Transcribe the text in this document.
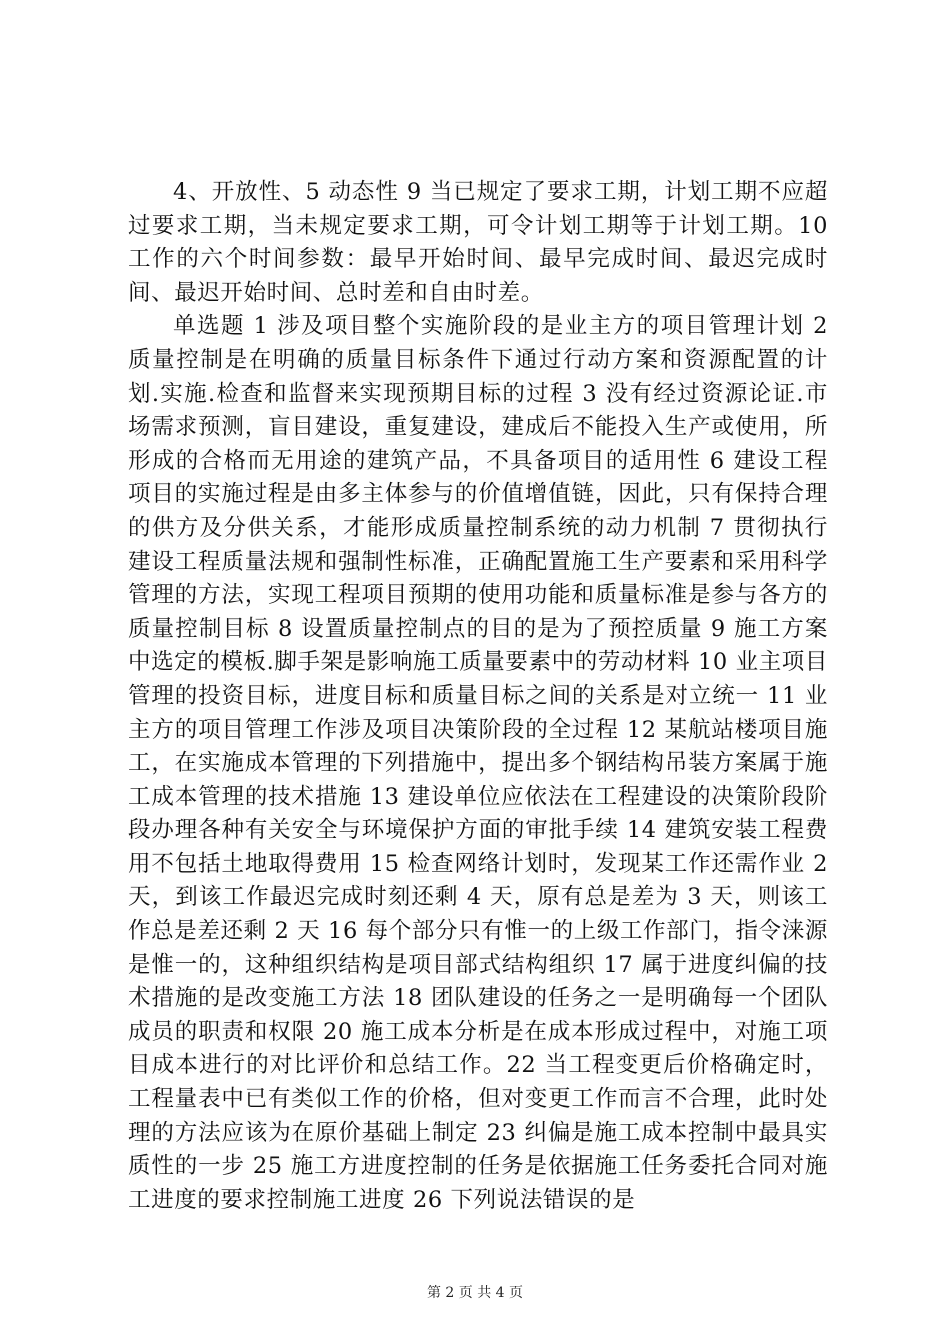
4、开放性、5 动态性 9 当已规定了要求工期，计划工期不应超过要求工期，当未规定要求工期，可令计划工期等于计划工期。10 工作的六个时间参数：最早开始时间、最早完成时间、最迟完成时间、最迟开始时间、总时差和自由时差。

单选题 1 涉及项目整个实施阶段的是业主方的项目管理计划 2 质量控制是在明确的质量目标条件下通过行动方案和资源配置的计划.实施.检查和监督来实现预期目标的过程 3 没有经过资源论证.市场需求预测，盲目建设，重复建设，建成后不能投入生产或使用，所形成的合格而无用途的建筑产品，不具备项目的适用性 6 建设工程项目的实施过程是由多主体参与的价值增值链，因此，只有保持合理的供方及分供关系，才能形成质量控制系统的动力机制 7 贯彻执行建设工程质量法规和强制性标准，正确配置施工生产要素和采用科学管理的方法，实现工程项目预期的使用功能和质量标准是参与各方的质量控制目标 8 设置质量控制点的目的是为了预控质量 9 施工方案中选定的模板.脚手架是影响施工质量要素中的劳动材料 10 业主项目管理的投资目标，进度目标和质量目标之间的关系是对立统一 11 业主方的项目管理工作涉及项目决策阶段的全过程 12 某航站楼项目施工，在实施成本管理的下列措施中，提出多个钢结构吊装方案属于施工成本管理的技术措施 13 建设单位应依法在工程建设的决策阶段阶段办理各种有关安全与环境保护方面的审批手续 14 建筑安装工程费用不包括土地取得费用 15 检查网络计划时，发现某工作还需作业 2 天，到该工作最迟完成时刻还剩 4 天，原有总是差为 3 天，则该工作总是差还剩 2 天 16 每个部分只有惟一的上级工作部门，指令涞源是惟一的，这种组织结构是项目部式结构组织 17 属于进度纠偏的技术措施的是改变施工方法 18 团队建设的任务之一是明确每一个团队成员的职责和权限 20 施工成本分析是在成本形成过程中，对施工项目成本进行的对比评价和总结工作。22 当工程变更后价格确定时，工程量表中已有类似工作的价格，但对变更工作而言不合理，此时处理的方法应该为在原价基础上制定 23 纠偏是施工成本控制中最具实质性的一步 25 施工方进度控制的任务是依据施工任务委托合同对施工进度的要求控制施工进度 26 下列说法错误的是

第 2 页 共 4 页
